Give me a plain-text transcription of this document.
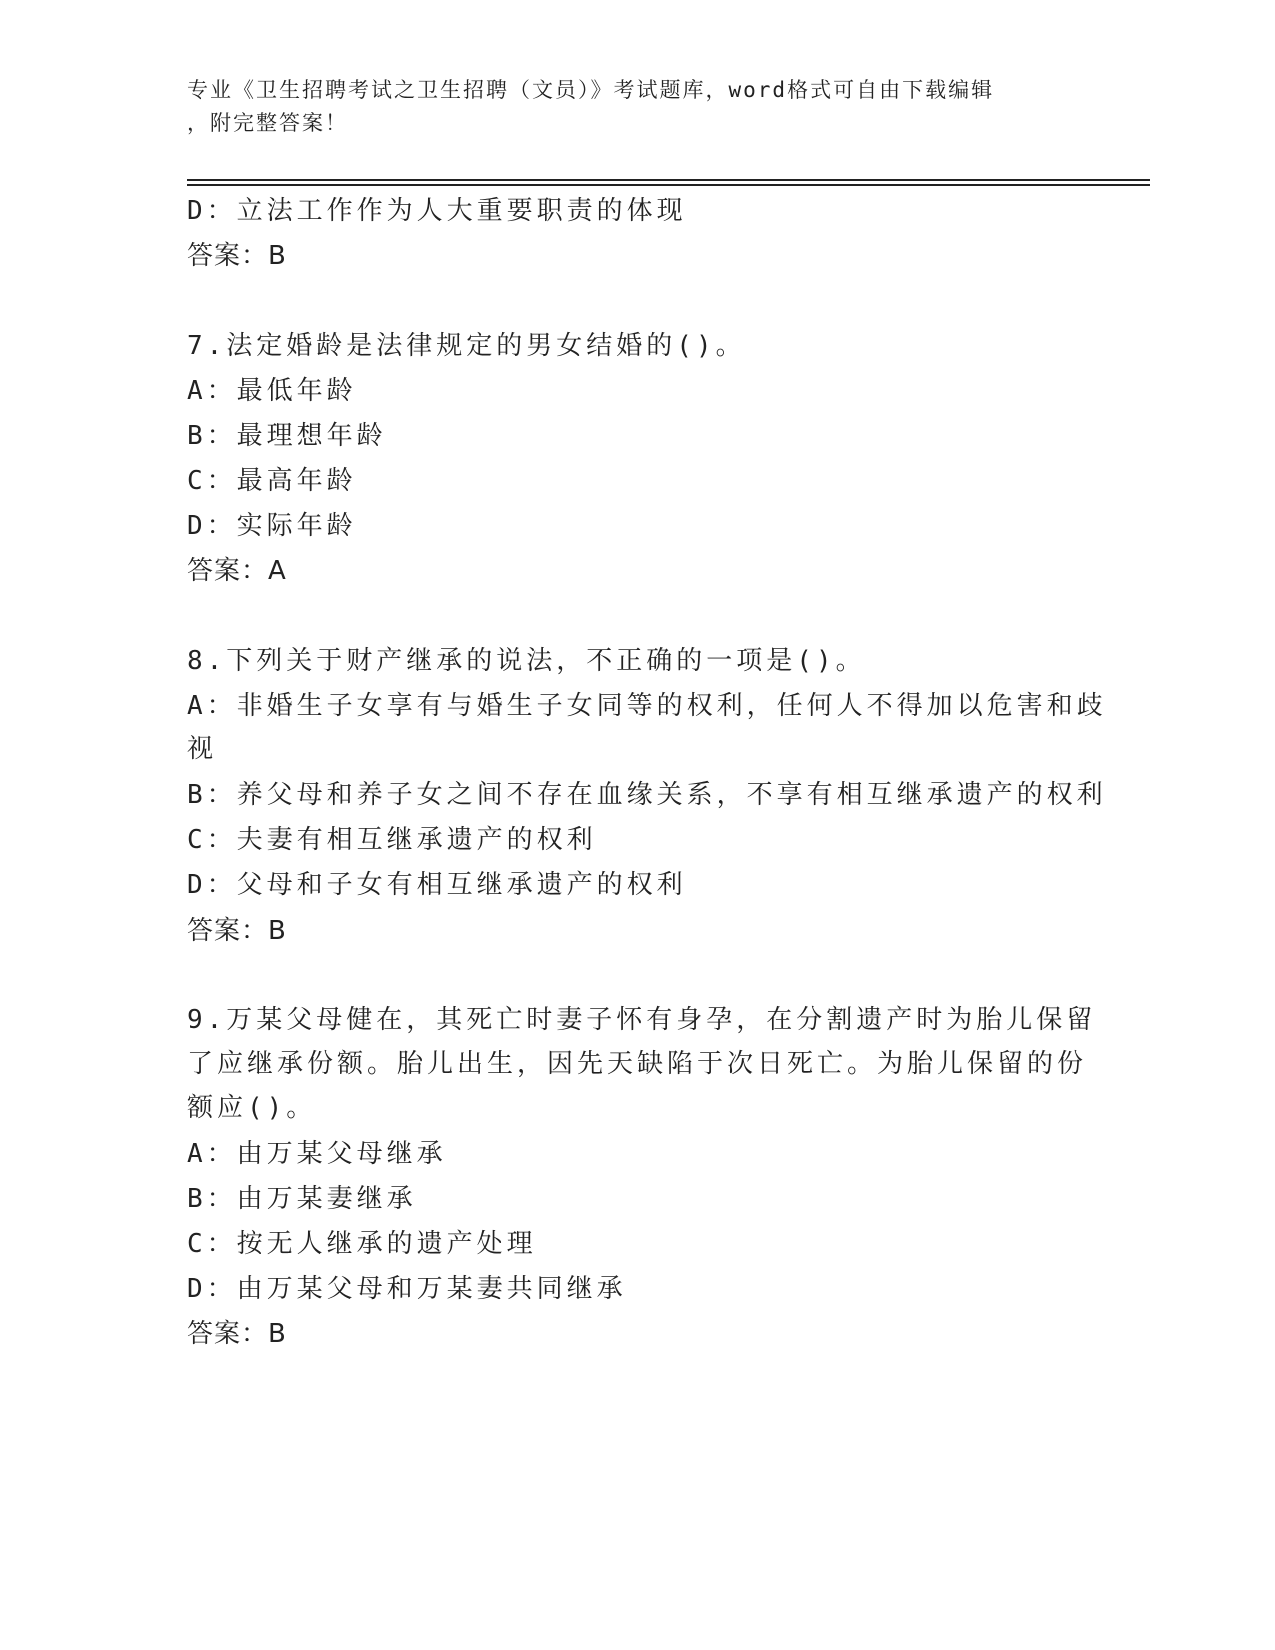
专业《卫生招聘考试之卫生招聘（文员）》考试题库，word格式可自由下载编辑
，附完整答案！
D：立法工作作为人大重要职责的体现
答案：B
7.法定婚龄是法律规定的男女结婚的()。
A：最低年龄
B：最理想年龄
C：最高年龄
D：实际年龄
答案：A
8.下列关于财产继承的说法，不正确的一项是()。
A：非婚生子女享有与婚生子女同等的权利，任何人不得加以危害和歧
视
B：养父母和养子女之间不存在血缘关系，不享有相互继承遗产的权利
C：夫妻有相互继承遗产的权利
D：父母和子女有相互继承遗产的权利
答案：B
9.万某父母健在，其死亡时妻子怀有身孕，在分割遗产时为胎儿保留
了应继承份额。胎儿出生，因先天缺陷于次日死亡。为胎儿保留的份
额应()。
A：由万某父母继承
B：由万某妻继承
C：按无人继承的遗产处理
D：由万某父母和万某妻共同继承
答案：B
